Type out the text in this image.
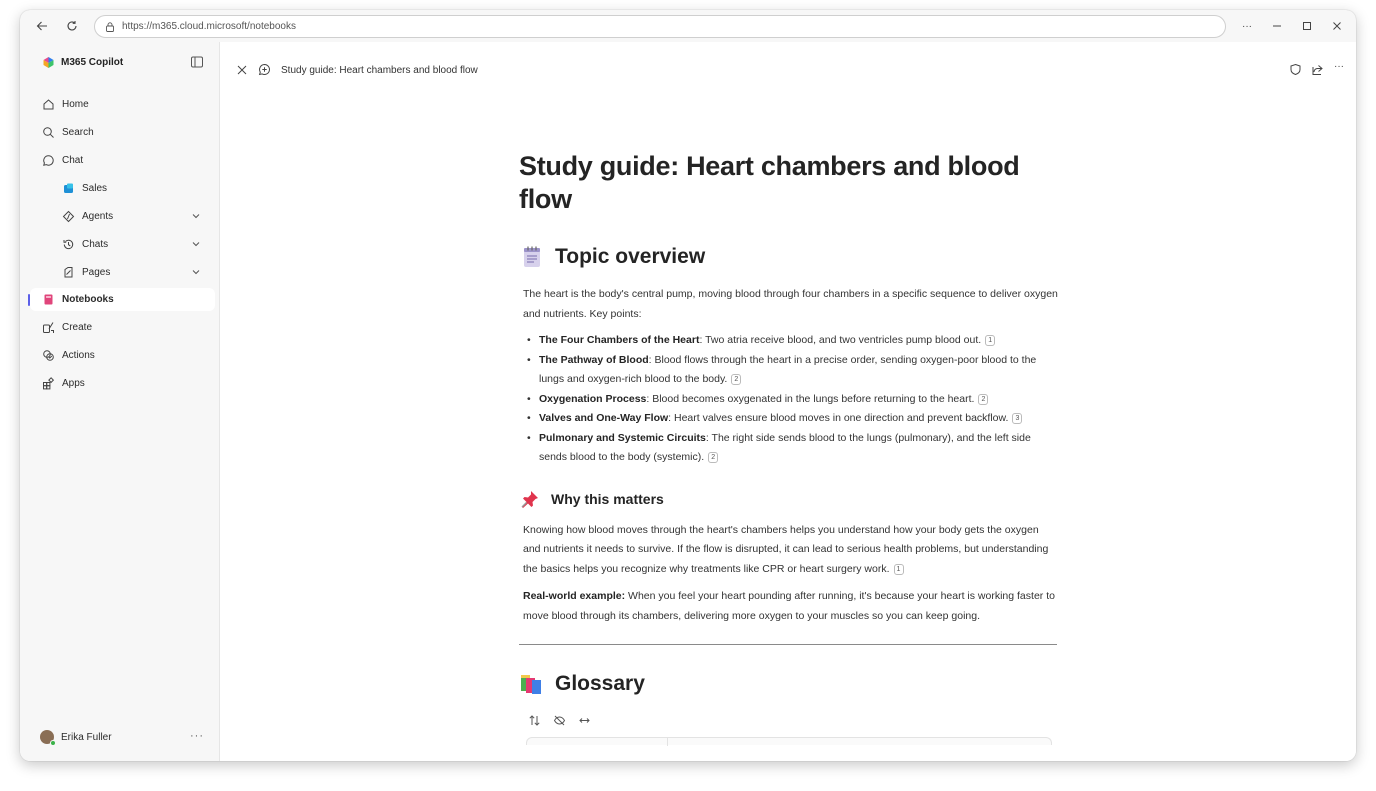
https://m365.cloud.microsoft/notebooks	···
M365 Copilot
Home
Search
Chat
Sales
Agents
Chats
Pages
Notebooks
Create
Actions
Apps
Erika Fuller	···
Study guide: Heart chambers and blood flow	···
Study guide: Heart chambers and blood flow
Topic overview

The heart is the body's central pump, moving blood through four chambers in a specific sequence to deliver oxygen and nutrients. Key points:

• The Four Chambers of the Heart: Two atria receive blood, and two ventricles pump blood out. 1
• The Pathway of Blood: Blood flows through the heart in a precise order, sending oxygen-poor blood to the lungs and oxygen-rich blood to the body. 2
• Oxygenation Process: Blood becomes oxygenated in the lungs before returning to the heart. 2
• Valves and One-Way Flow: Heart valves ensure blood moves in one direction and prevent backflow. 3
• Pulmonary and Systemic Circuits: The right side sends blood to the lungs (pulmonary), and the left side sends blood to the body (systemic). 2
Why this matters

Knowing how blood moves through the heart's chambers helps you understand how your body gets the oxygen and nutrients it needs to survive. If the flow is disrupted, it can lead to serious health problems, but understanding the basics helps you recognize why treatments like CPR or heart surgery work. 1

Real-world example: When you feel your heart pounding after running, it's because your heart is working faster to move blood through its chambers, delivering more oxygen to your muscles so you can keep going.

Glossary
